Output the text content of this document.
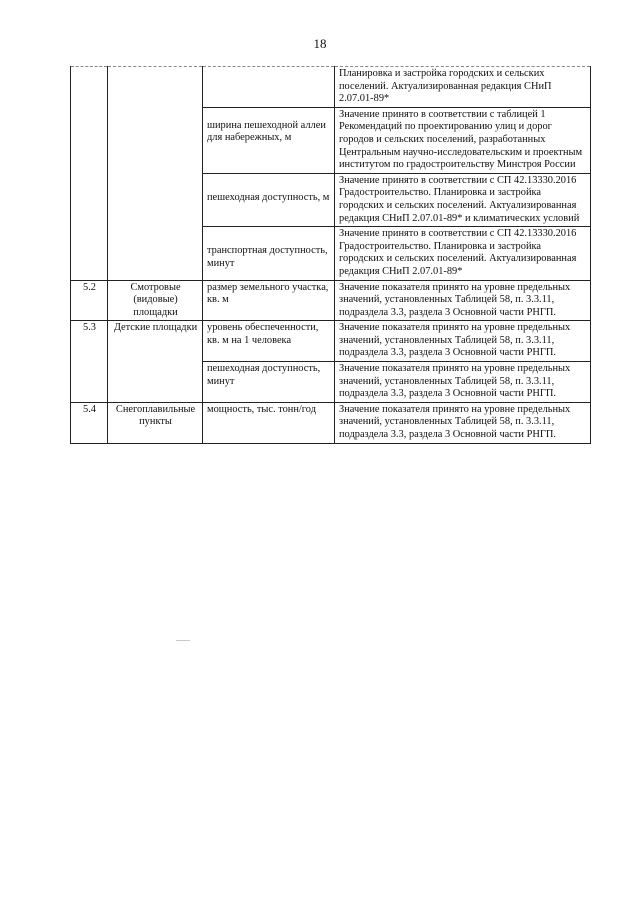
18
			Планировка и застройка городских и сельских поселений. Актуализированная редакция СНиП 2.07.01-89*
		ширина пешеходной аллеи для набережных, м	Значение принято в соответствии с таблицей 1 Рекомендаций по проектированию улиц и дорог городов и сельских поселений, разработанных Центральным научно-исследовательским и проектным институтом по градостроительству Минстроя России
		пешеходная доступность, м	Значение принято в соответствии с СП 42.13330.2016 Градостроительство. Планировка и застройка городских и сельских поселений. Актуализированная редакция СНиП 2.07.01-89* и климатических условий
		транспортная доступность, минут	Значение принято в соответствии с СП 42.13330.2016 Градостроительство. Планировка и застройка городских и сельских поселений. Актуализированная редакция СНиП 2.07.01-89*
5.2	Смотровые (видовые) площадки	размер земельного участка, кв. м	Значение показателя принято на уровне предельных значений, установленных Таблицей 58, п. 3.3.11, подраздела 3.3, раздела 3 Основной части РНГП.
5.3	Детские площадки	уровень обеспеченности, кв. м на 1 человека	Значение показателя принято на уровне предельных значений, установленных Таблицей 58, п. 3.3.11, подраздела 3.3, раздела 3 Основной части РНГП.
		пешеходная доступность, минут	Значение показателя принято на уровне предельных значений, установленных Таблицей 58, п. 3.3.11, подраздела 3.3, раздела 3 Основной части РНГП.
5.4	Снегоплавильные пункты	мощность, тыс. тонн/год	Значение показателя принято на уровне предельных значений, установленных Таблицей 58, п. 3.3.11, подраздела 3.3, раздела 3 Основной части РНГП.
